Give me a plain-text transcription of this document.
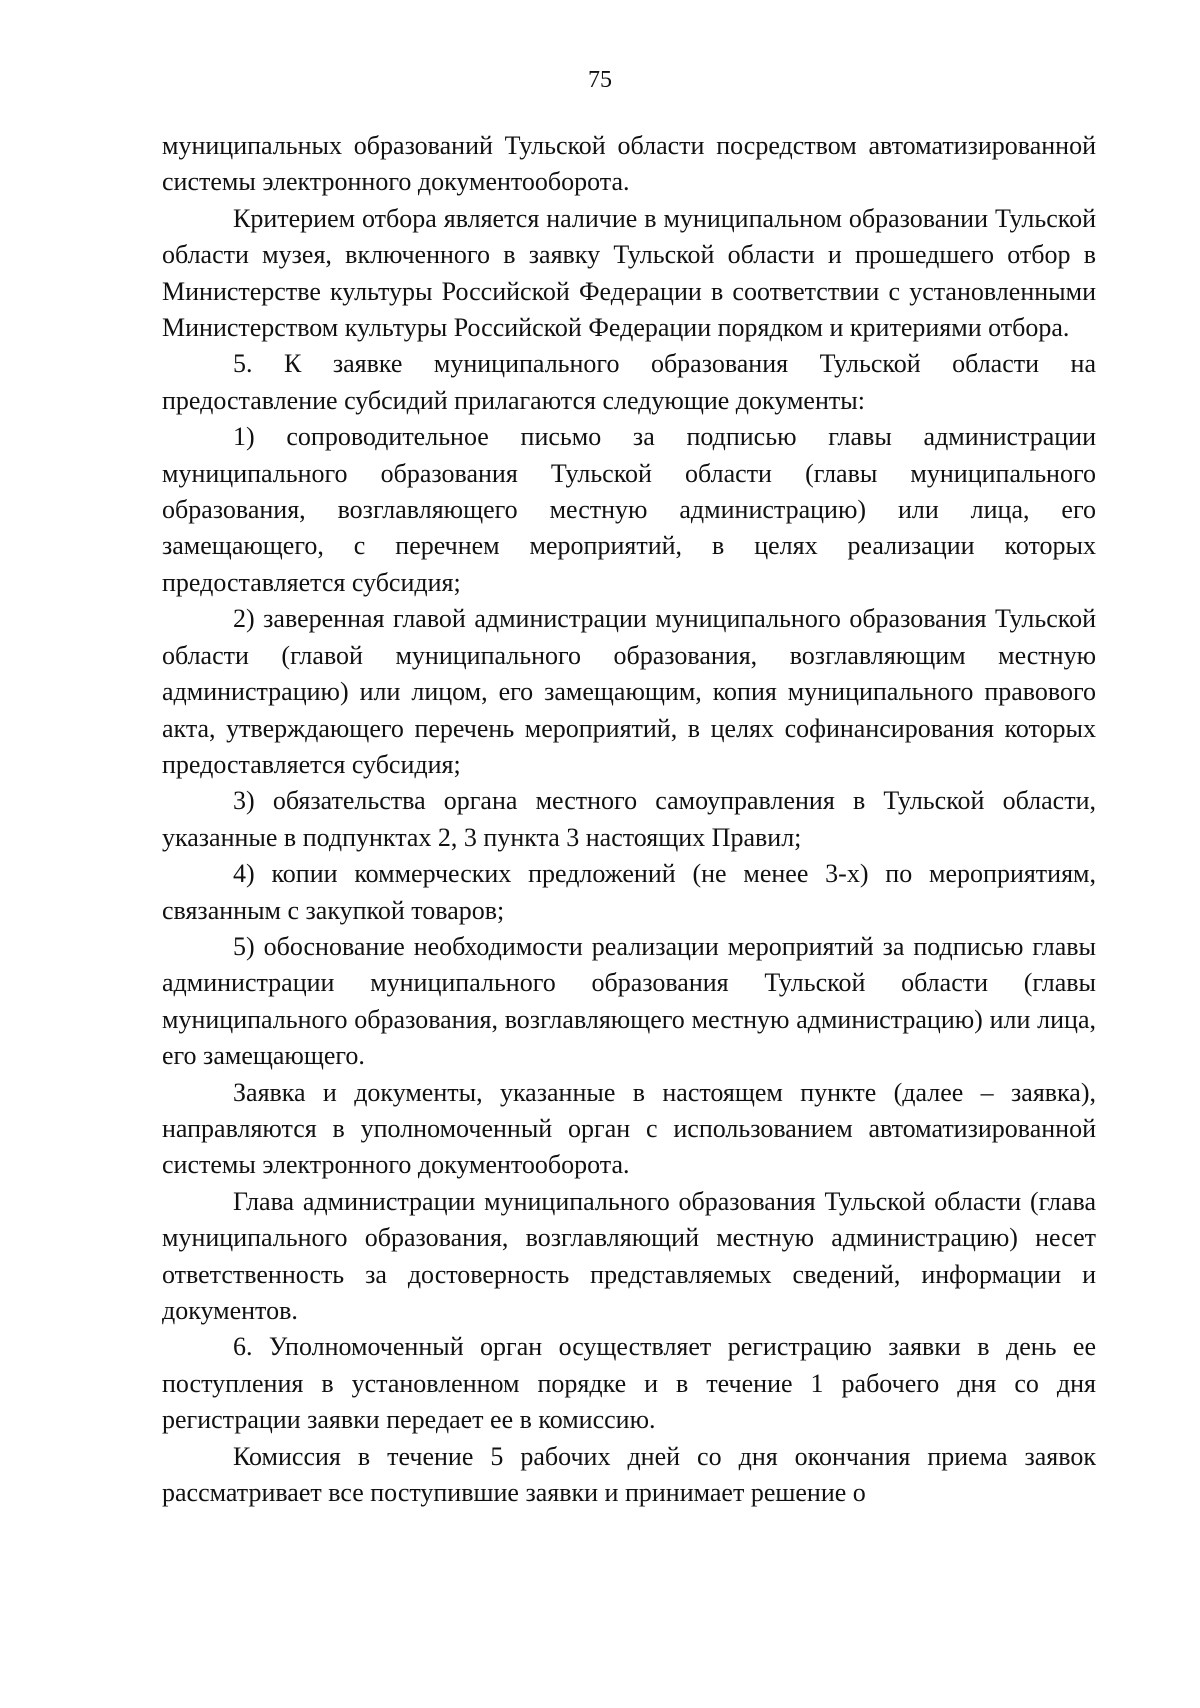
75

муниципальных образований Тульской области посредством автоматизированной системы электронного документооборота.

Критерием отбора является наличие в муниципальном образовании Тульской области музея, включенного в заявку Тульской области и прошедшего отбор в Министерстве культуры Российской Федерации в соответствии с установленными Министерством культуры Российской Федерации порядком и критериями отбора.

5. К заявке муниципального образования Тульской области на предоставление субсидий прилагаются следующие документы:

1) сопроводительное письмо за подписью главы администрации муниципального образования Тульской области (главы муниципального образования, возглавляющего местную администрацию) или лица, его замещающего, с перечнем мероприятий, в целях реализации которых предоставляется субсидия;

2) заверенная главой администрации муниципального образования Тульской области (главой муниципального образования, возглавляющим местную администрацию) или лицом, его замещающим, копия муниципального правового акта, утверждающего перечень мероприятий, в целях софинансирования которых предоставляется субсидия;

3) обязательства органа местного самоуправления в Тульской области, указанные в подпунктах 2, 3 пункта 3 настоящих Правил;

4) копии коммерческих предложений (не менее 3-х) по мероприятиям, связанным с закупкой товаров;

5) обоснование необходимости реализации мероприятий за подписью главы администрации муниципального образования Тульской области (главы муниципального образования, возглавляющего местную администрацию) или лица, его замещающего.

Заявка и документы, указанные в настоящем пункте (далее – заявка), направляются в уполномоченный орган с использованием автоматизированной системы электронного документооборота.

Глава администрации муниципального образования Тульской области (глава муниципального образования, возглавляющий местную администрацию) несет ответственность за достоверность представляемых сведений, информации и документов.

6. Уполномоченный орган осуществляет регистрацию заявки в день ее поступления в установленном порядке и в течение 1 рабочего дня со дня регистрации заявки передает ее в комиссию.

Комиссия в течение 5 рабочих дней со дня окончания приема заявок рассматривает все поступившие заявки и принимает решение о
